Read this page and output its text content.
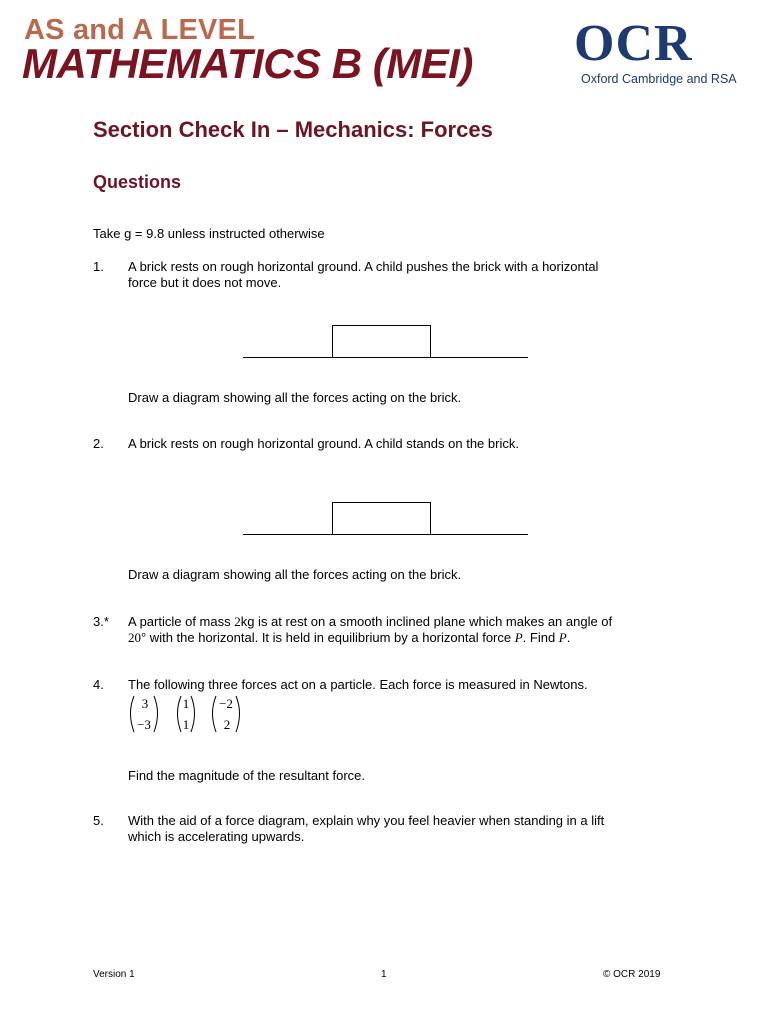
AS and A LEVEL
MATHEMATICS B (MEI) OCR
Oxford Cambridge and RSA
Section Check In – Mechanics: Forces
Questions
Take g = 9.8 unless instructed otherwise
1. A brick rests on rough horizontal ground. A child pushes the brick with a horizontal
force but it does not move.
Draw a diagram showing all the forces acting on the brick.
2. A brick rests on rough horizontal ground. A child stands on the brick.
Draw a diagram showing all the forces acting on the brick.
3.* A particle of mass 2kg is at rest on a smooth inclined plane which makes an angle of
20° with the horizontal. It is held in equilibrium by a horizontal force P. Find P.
4. The following three forces act on a particle. Each force is measured in Newtons.
3
−3
1
1
−2
2
Find the magnitude of the resultant force.
5. With the aid of a force diagram, explain why you feel heavier when standing in a lift
which is accelerating upwards.
Version 1	1	© OCR 2019
